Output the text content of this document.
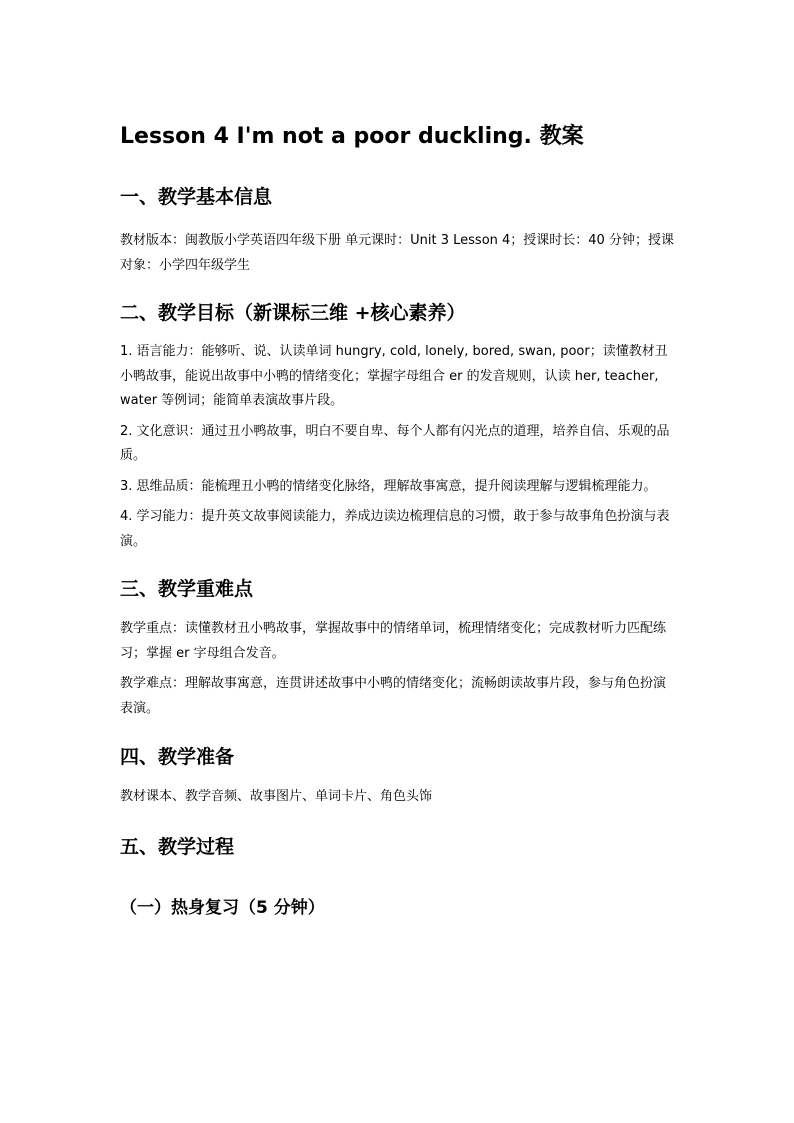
Lesson 4 I'm not a poor duckling. 教案
一、教学基本信息

教材版本：闽教版小学英语四年级下册 单元课时：Unit 3 Lesson 4；授课时长：40 分钟；授课对象：小学四年级学生

二、教学目标（新课标三维 +核心素养）

1. 语言能力：能够听、说、认读单词 hungry, cold, lonely, bored, swan, poor；读懂教材丑小鸭故事，能说出故事中小鸭的情绪变化；掌握字母组合 er 的发音规则，认读 her, teacher, water 等例词；能简单表演故事片段。

2. 文化意识：通过丑小鸭故事，明白不要自卑、每个人都有闪光点的道理，培养自信、乐观的品质。

3. 思维品质：能梳理丑小鸭的情绪变化脉络，理解故事寓意，提升阅读理解与逻辑梳理能力。

4. 学习能力：提升英文故事阅读能力，养成边读边梳理信息的习惯，敢于参与故事角色扮演与表演。

三、教学重难点

教学重点：读懂教材丑小鸭故事，掌握故事中的情绪单词，梳理情绪变化；完成教材听力匹配练习；掌握 er 字母组合发音。

教学难点：理解故事寓意，连贯讲述故事中小鸭的情绪变化；流畅朗读故事片段，参与角色扮演表演。

四、教学准备

教材课本、教学音频、故事图片、单词卡片、角色头饰

五、教学过程
（一）热身复习（5 分钟）
